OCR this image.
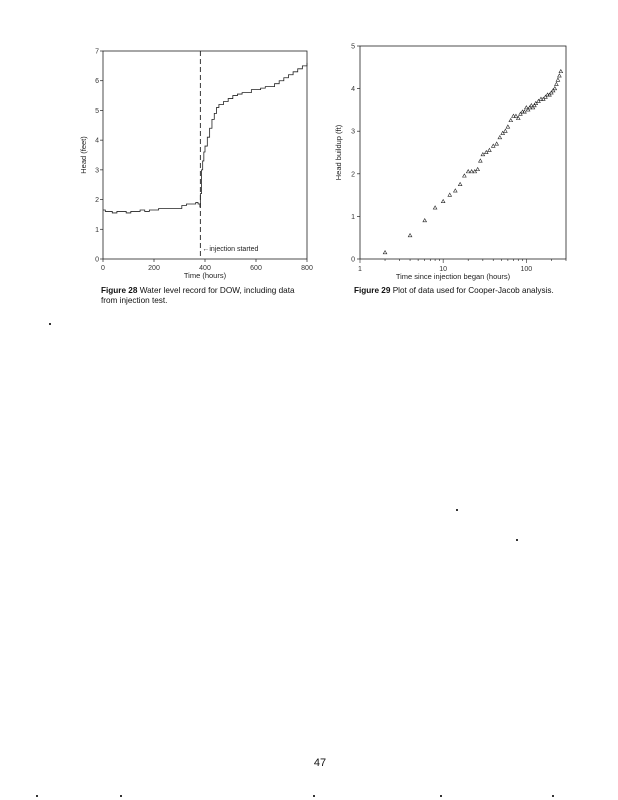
0
1
2
3
4
5
6
7
0	200	400	600	800
Time (hours)
Head (feet)
←injection started
0
1
2
3
4
5
1	10	100
Time since injection began (hours)
Head buildup (ft)
Figure 28 Water level record for DOW, including data from injection test.
Figure 29 Plot of data used for Cooper-Jacob analysis.
47
